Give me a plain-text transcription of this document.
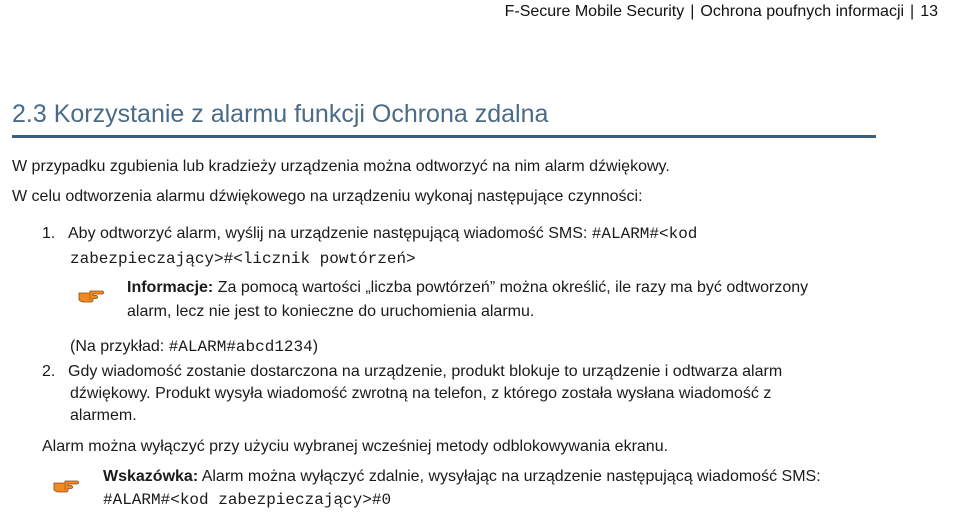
F-Secure Mobile Security | Ochrona poufnych informacji | 13
2.3 Korzystanie z alarmu funkcji Ochrona zdalna
W przypadku zgubienia lub kradzieży urządzenia można odtworzyć na nim alarm dźwiękowy.
W celu odtworzenia alarmu dźwiękowego na urządzeniu wykonaj następujące czynności:
1. Aby odtworzyć alarm, wyślij na urządzenie następującą wiadomość SMS: #ALARM#<kod
zabezpieczający>#<licznik powtórzeń>
Informacje: Za pomocą wartości „liczba powtórzeń” można określić, ile razy ma być odtworzony
alarm, lecz nie jest to konieczne do uruchomienia alarmu.
(Na przykład: #ALARM#abcd1234)
2. Gdy wiadomość zostanie dostarczona na urządzenie, produkt blokuje to urządzenie i odtwarza alarm
dźwiękowy. Produkt wysyła wiadomość zwrotną na telefon, z którego została wysłana wiadomość z
alarmem.
Alarm można wyłączyć przy użyciu wybranej wcześniej metody odblokowywania ekranu.
Wskazówka: Alarm można wyłączyć zdalnie, wysyłając na urządzenie następującą wiadomość SMS:
#ALARM#<kod zabezpieczający>#0
